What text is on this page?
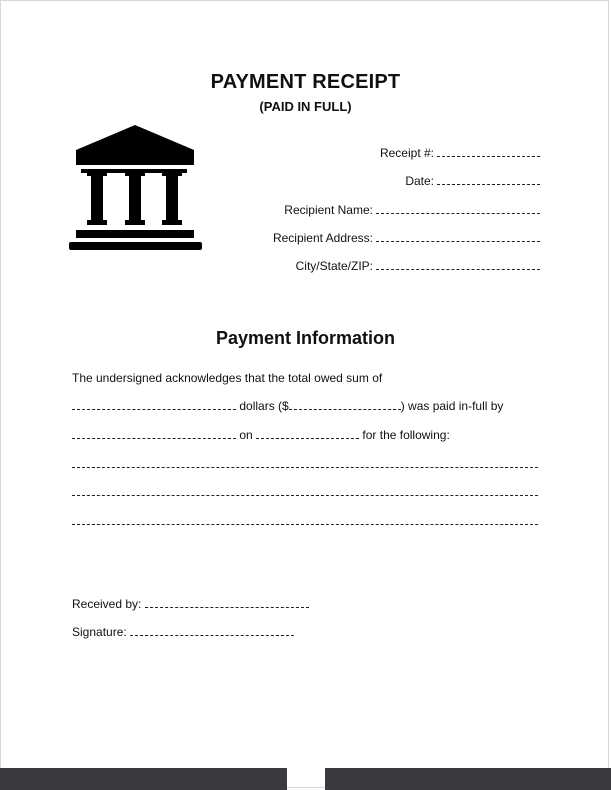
PAYMENT RECEIPT
(PAID IN FULL)
Receipt #:
Date:
Recipient Name:
Recipient Address:
City/State/ZIP:
Payment Information
The undersigned acknowledges that the total owed sum of
dollars ($	) was paid in-full by
on	for the following:
Received by:
Signature:
